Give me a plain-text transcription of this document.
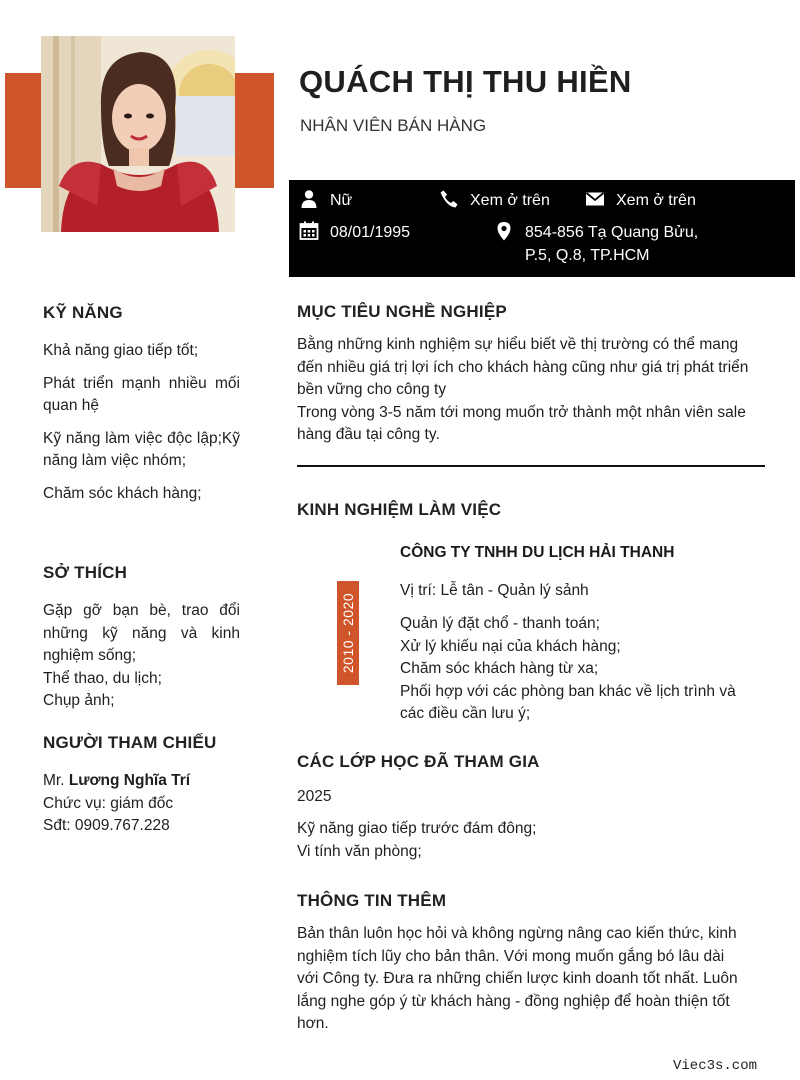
QUÁCH THỊ THU HIỀN
NHÂN VIÊN BÁN HÀNG
Nữ	Xem ở trên	Xem ở trên
08/01/1995	854-856 Tạ Quang Bửu, P.5, Q.8, TP.HCM
KỸ NĂNG

Khả năng giao tiếp tốt;

Phát triển mạnh nhiều mối quan hệ

Kỹ năng làm việc độc lập;Kỹ năng làm việc nhóm;

Chăm sóc khách hàng;

SỞ THÍCH
Gặp gỡ bạn bè, trao đổi những kỹ năng và kinh nghiệm sống;
Thể thao, du lịch;
Chụp ảnh;
NGƯỜI THAM CHIẾU
Mr. Lương Nghĩa Trí
Chức vụ: giám đốc
Sđt: 0909.767.228
MỤC TIÊU NGHỀ NGHIỆP
Bằng những kinh nghiệm sự hiểu biết về thị trường có thể mang đến nhiều giá trị lợi ích cho khách hàng cũng như giá trị phát triển bền vững cho công ty
Trong vòng 3-5 năm tới mong muốn trở thành một nhân viên sale hàng đầu tại công ty.
KINH NGHIỆM LÀM VIỆC
2010 - 2020
CÔNG TY TNHH DU LỊCH HẢI THANH
Vị trí: Lễ tân - Quản lý sảnh
Quản lý đặt chổ - thanh toán;
Xử lý khiếu nại của khách hàng;
Chăm sóc khách hàng từ xa;
Phối hợp với các phòng ban khác về lịch trình và các điều cần lưu ý;
CÁC LỚP HỌC ĐÃ THAM GIA
2025
Kỹ năng giao tiếp trước đám đông;
Vi tính văn phòng;
THÔNG TIN THÊM
Bản thân luôn học hỏi và không ngừng nâng cao kiến thức, kinh nghiệm tích lũy cho bản thân. Với mong muốn gắng bó lâu dài với Công ty. Đưa ra những chiến lược kinh doanh tốt nhất. Luôn lắng nghe góp ý từ khách hàng - đồng nghiệp để hoàn thiện tốt hơn.
Viec3s.com
